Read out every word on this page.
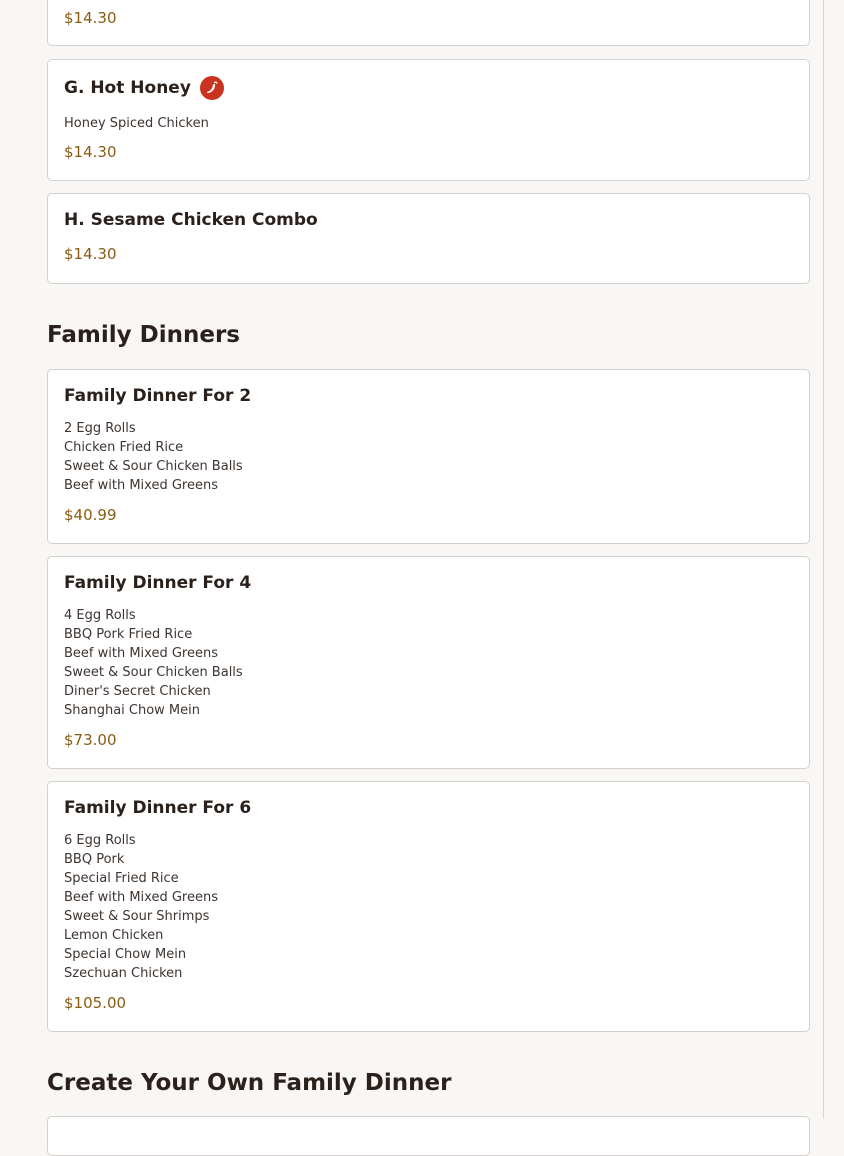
$14.30
G. Hot Honey
Honey Spiced Chicken
$14.30
H. Sesame Chicken Combo
$14.30
Family Dinners
Family Dinner For 2
2 Egg Rolls
Chicken Fried Rice
Sweet & Sour Chicken Balls
Beef with Mixed Greens
$40.99
Family Dinner For 4
4 Egg Rolls
BBQ Pork Fried Rice
Beef with Mixed Greens
Sweet & Sour Chicken Balls
Diner's Secret Chicken
Shanghai Chow Mein
$73.00
Family Dinner For 6
6 Egg Rolls
BBQ Pork
Special Fried Rice
Beef with Mixed Greens
Sweet & Sour Shrimps
Lemon Chicken
Special Chow Mein
Szechuan Chicken
$105.00
Create Your Own Family Dinner
